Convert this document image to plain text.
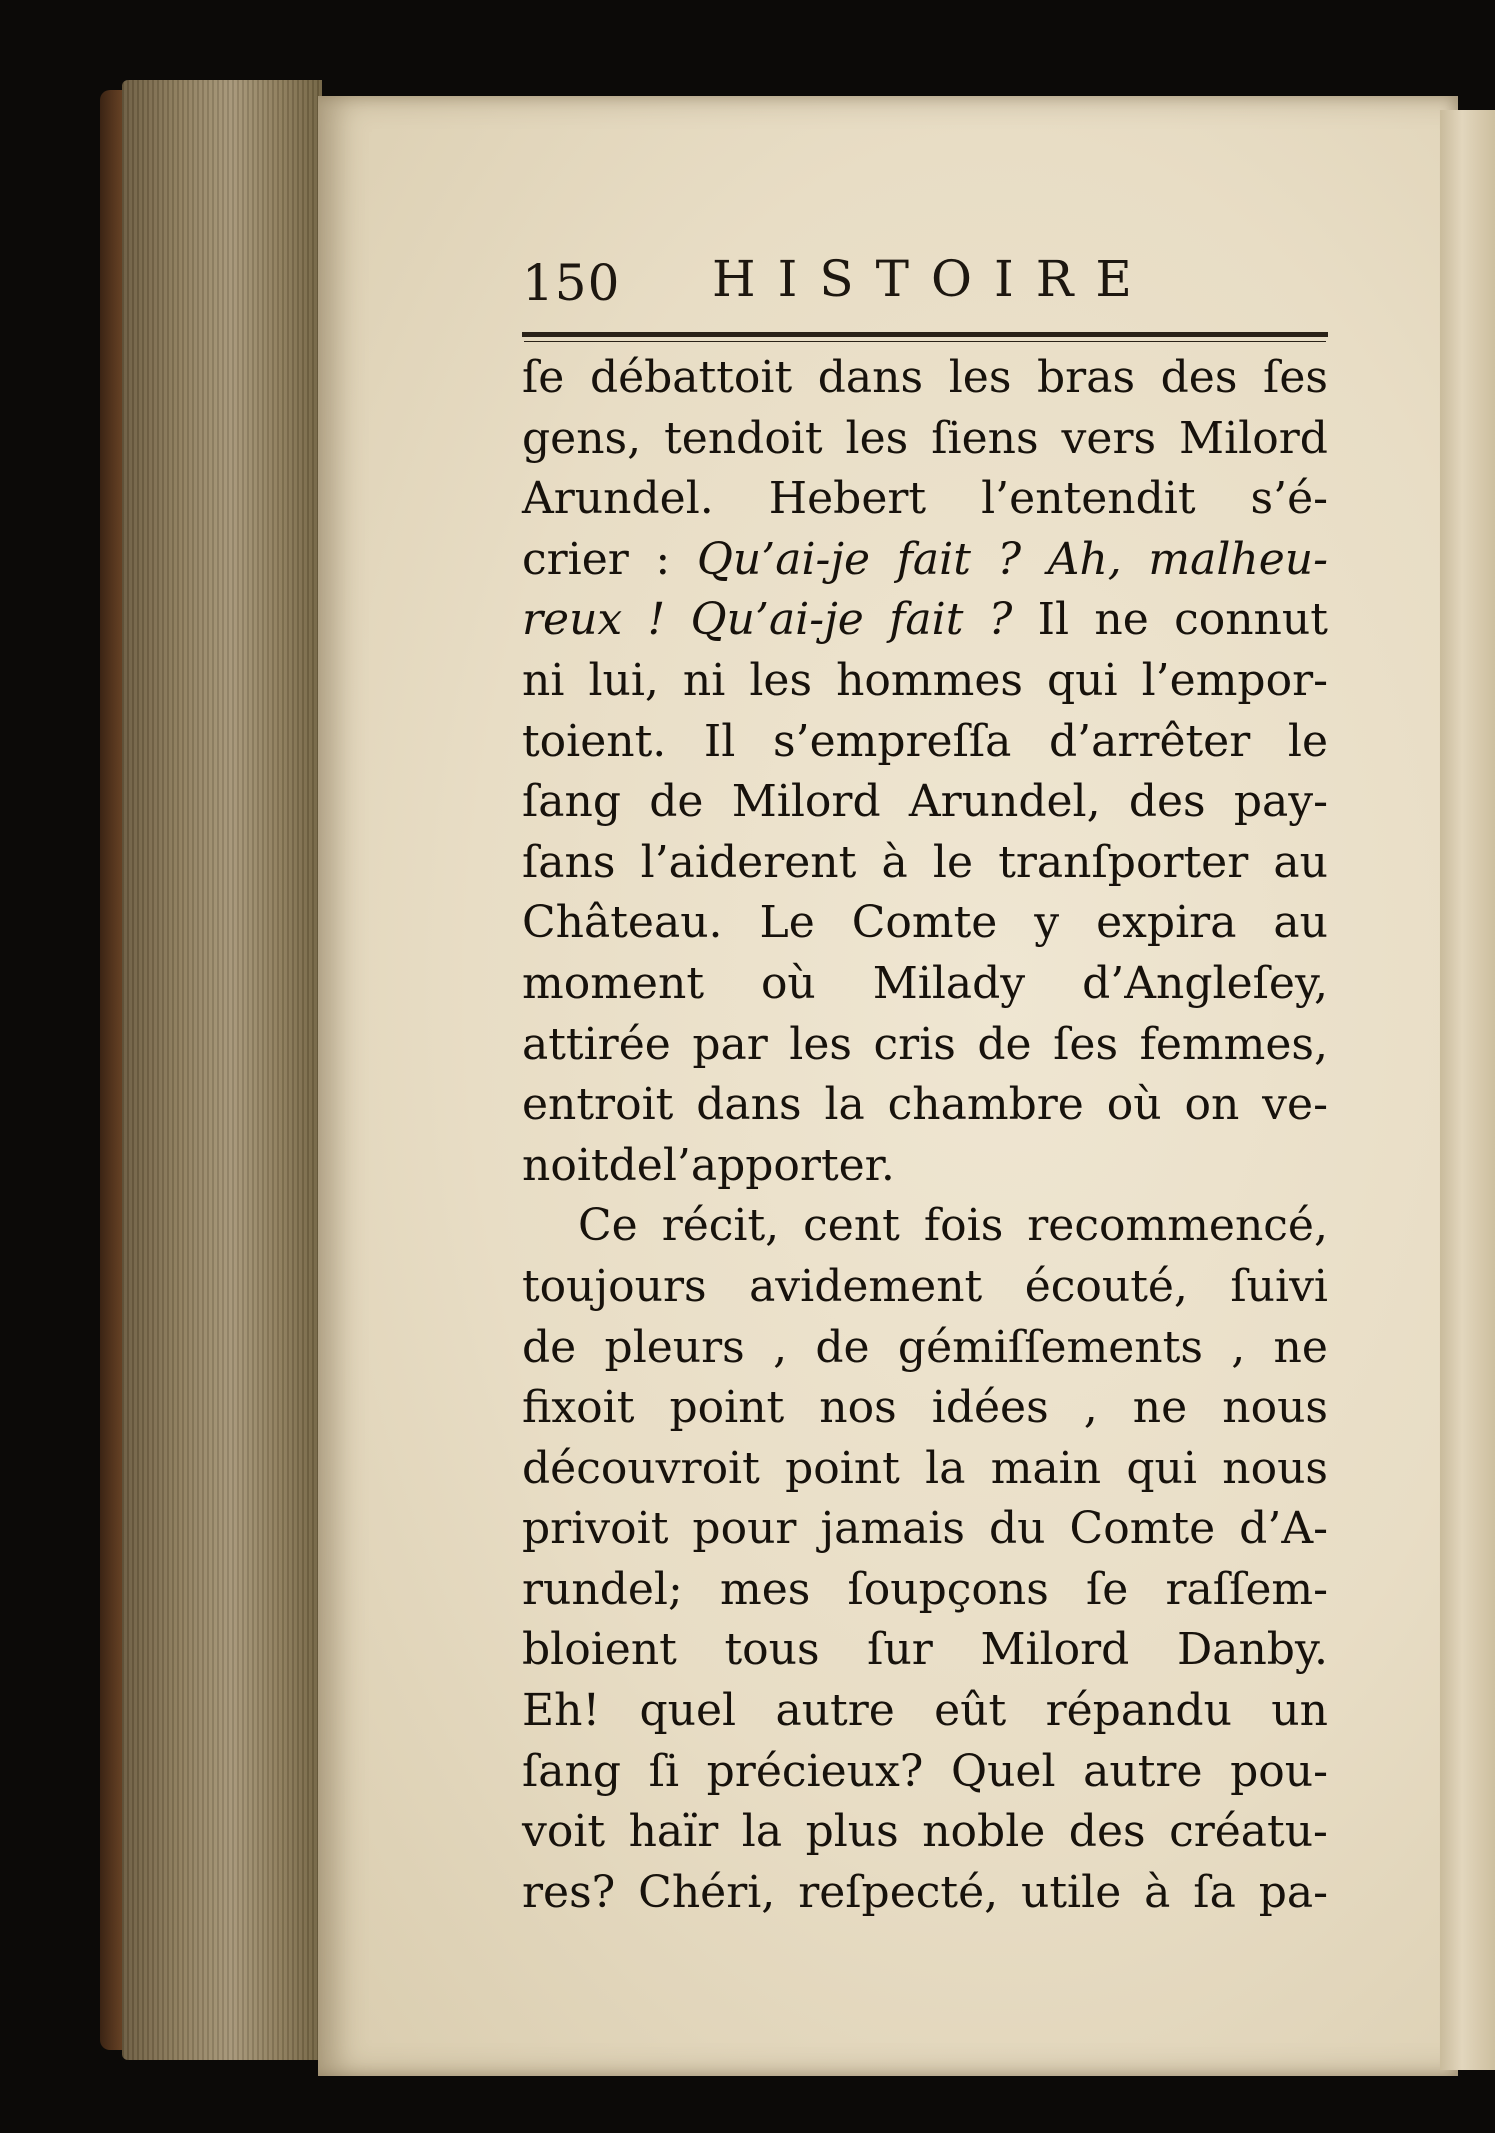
150 HISTOIRE
ſe débattoit dans les bras des ſes
gens, tendoit les ſiens vers Milord
Arundel. Hebert l’entendit s’é-
crier : Qu’ai-je fait ? Ah, malheu-
reux ! Qu’ai-je fait ? Il ne connut
ni lui, ni les hommes qui l’empor-
toient. Il s’empreſſa d’arrêter le
ſang de Milord Arundel, des pay-
ſans l’aiderent à le tranſporter au
Château. Le Comte y expira au
moment où Milady d’Angleſey,
attirée par les cris de ſes femmes,
entroit dans la chambre où on ve-
noit de l’apporter.
Ce récit, cent fois recommencé,
toujours avidement écouté, ſuivi
de pleurs , de gémiſſements , ne
fixoit point nos idées , ne nous
découvroit point la main qui nous
privoit pour jamais du Comte d’A-
rundel; mes ſoupçons ſe raſſem-
bloient tous ſur Milord Danby.
Eh! quel autre eût répandu un
ſang ſi précieux? Quel autre pou-
voit haïr la plus noble des créatu-
res? Chéri, reſpecté, utile à ſa pa-
